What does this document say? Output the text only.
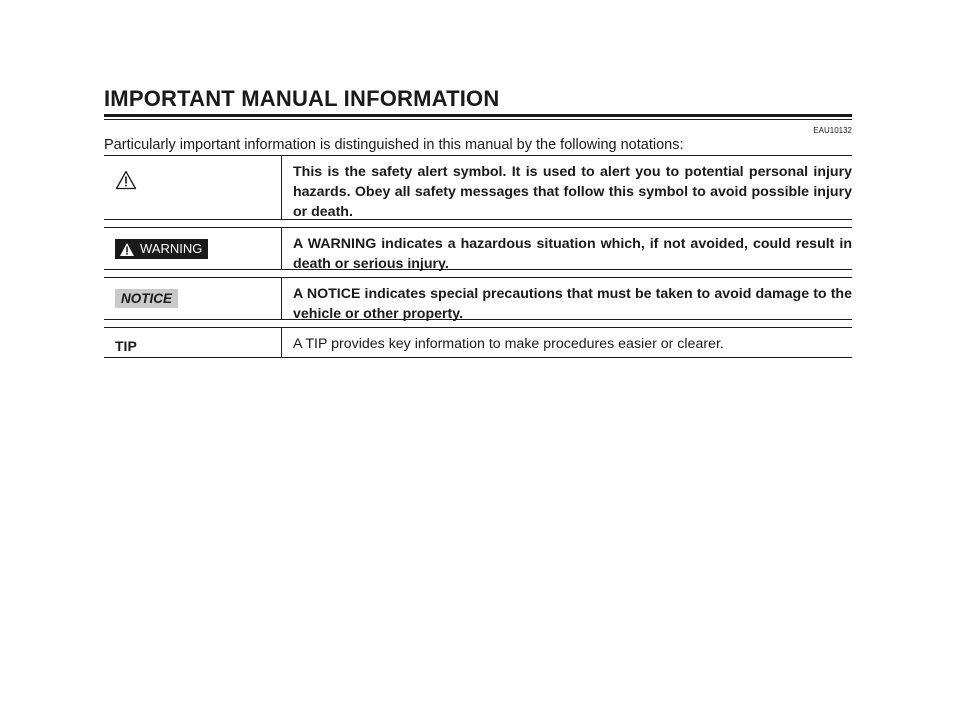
IMPORTANT MANUAL INFORMATION
EAU10132

Particularly important information is distinguished in this manual by the following notations:

This is the safety alert symbol. It is used to alert you to potential personal injury hazards. Obey all safety messages that follow this symbol to avoid possible injury or death.

WARNING	A WARNING indicates a hazardous situation which, if not avoided, could result in death or serious injury.

NOTICE	A NOTICE indicates special precautions that must be taken to avoid damage to the vehicle or other property.

TIP	A TIP provides key information to make procedures easier or clearer.
